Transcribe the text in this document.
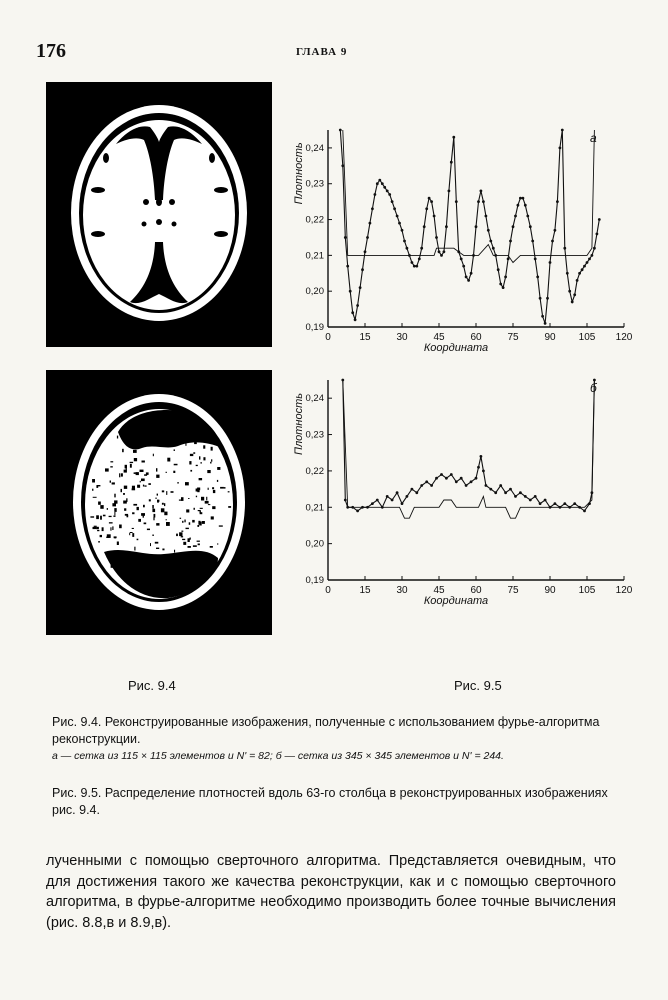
176	ГЛАВА 9
0	15	30	45	60	75	90 105 120
0,19
0,20
0,21
0,22
0,23
0,24
Координата
Плотность
а
0	15	30	45	60	75	90 105 120
0,19
0,20
0,21
0,22
0,23
0,24
Координата
Плотность
б
Рис. 9.4	Рис. 9.5
Рис. 9.4. Реконструированные изображения, полученные с использованием фурье-алгоритма реконструкции.
а — сетка из 115 × 115 элементов и N' = 82; б — сетка из 345 × 345 элементов и N' = 244.
Рис. 9.5. Распределение плотностей вдоль 63-го столбца в реконструированных изображениях рис. 9.4.
лученными с помощью сверточного алгоритма. Представляется очевидным, что для достижения такого же качества реконструкции, как и с помощью сверточного алгоритма, в фурье-алгоритме необходимо производить более точные вычисления (рис. 8.8,в и 8.9,в).
